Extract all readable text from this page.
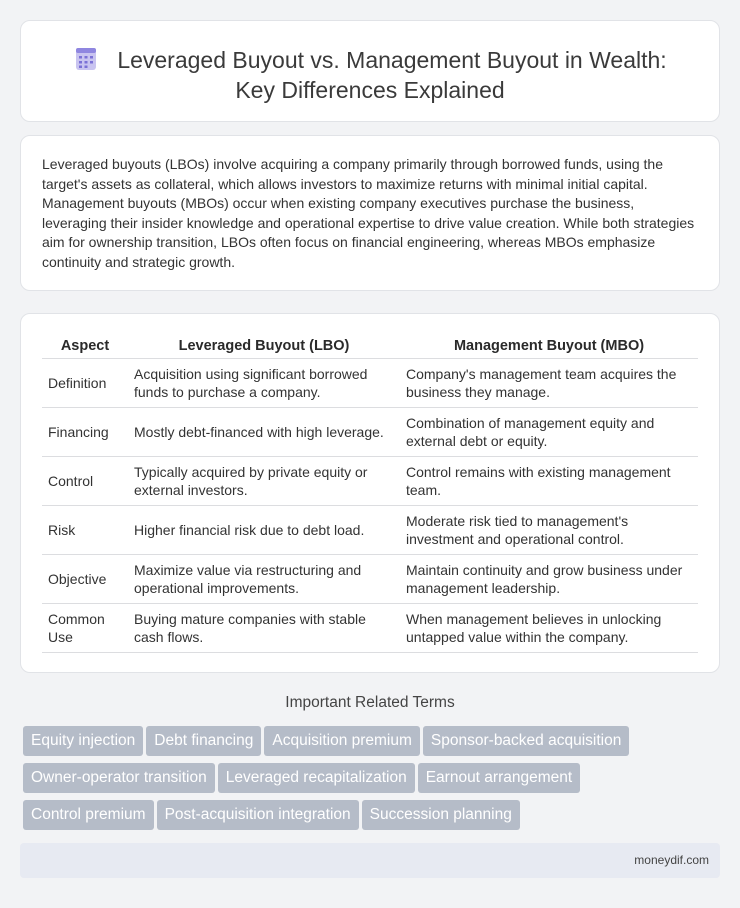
Leveraged Buyout vs. Management Buyout in Wealth:
Key Differences Explained

Leveraged buyouts (LBOs) involve acquiring a company primarily through borrowed funds, using the target's assets as collateral, which allows investors to maximize returns with minimal initial capital. Management buyouts (MBOs) occur when existing company executives purchase the business, leveraging their insider knowledge and operational expertise to drive value creation. While both strategies aim for ownership transition, LBOs often focus on financial engineering, whereas MBOs emphasize continuity and strategic growth.

Aspect	Leveraged Buyout (LBO)	Management Buyout (MBO)
Definition	Acquisition using significant borrowed funds to purchase a company.	Company's management team acquires the business they manage.
Financing	Mostly debt-financed with high leverage.	Combination of management equity and external debt or equity.
Control	Typically acquired by private equity or external investors.	Control remains with existing management team.
Risk	Higher financial risk due to debt load.	Moderate risk tied to management's investment and operational control.
Objective	Maximize value via restructuring and operational improvements.	Maintain continuity and grow business under management leadership.
Common Use	Buying mature companies with stable cash flows.	When management believes in unlocking untapped value within the company.
Important Related Terms
Equity injection Debt financing Acquisition premium Sponsor-backed acquisition
Owner-operator transition Leveraged recapitalization Earnout arrangement
Control premium Post-acquisition integration Succession planning
moneydif.com
